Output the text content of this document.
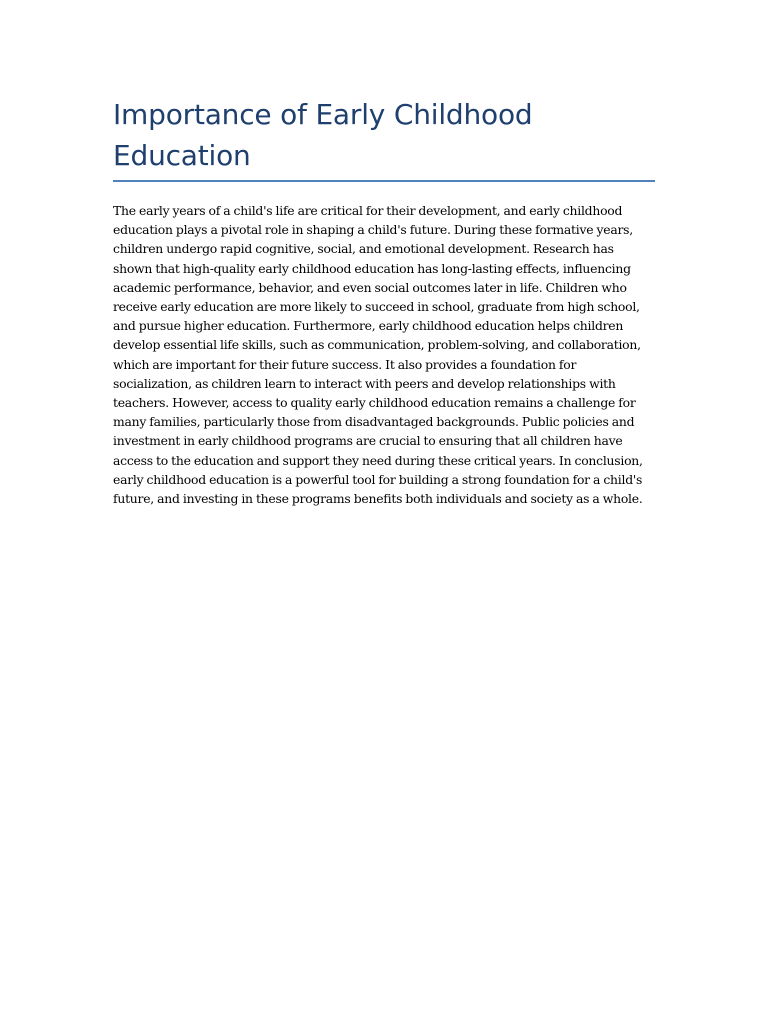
Importance of Early Childhood Education

The early years of a child's life are critical for their development, and early childhood education plays a pivotal role in shaping a child's future. During these formative years, children undergo rapid cognitive, social, and emotional development. Research has shown that high-quality early childhood education has long-lasting effects, influencing academic performance, behavior, and even social outcomes later in life. Children who receive early education are more likely to succeed in school, graduate from high school, and pursue higher education. Furthermore, early childhood education helps children develop essential life skills, such as communication, problem-solving, and collaboration, which are important for their future success. It also provides a foundation for socialization, as children learn to interact with peers and develop relationships with teachers. However, access to quality early childhood education remains a challenge for many families, particularly those from disadvantaged backgrounds. Public policies and investment in early childhood programs are crucial to ensuring that all children have access to the education and support they need during these critical years. In conclusion, early childhood education is a powerful tool for building a strong foundation for a child's future, and investing in these programs benefits both individuals and society as a whole.
